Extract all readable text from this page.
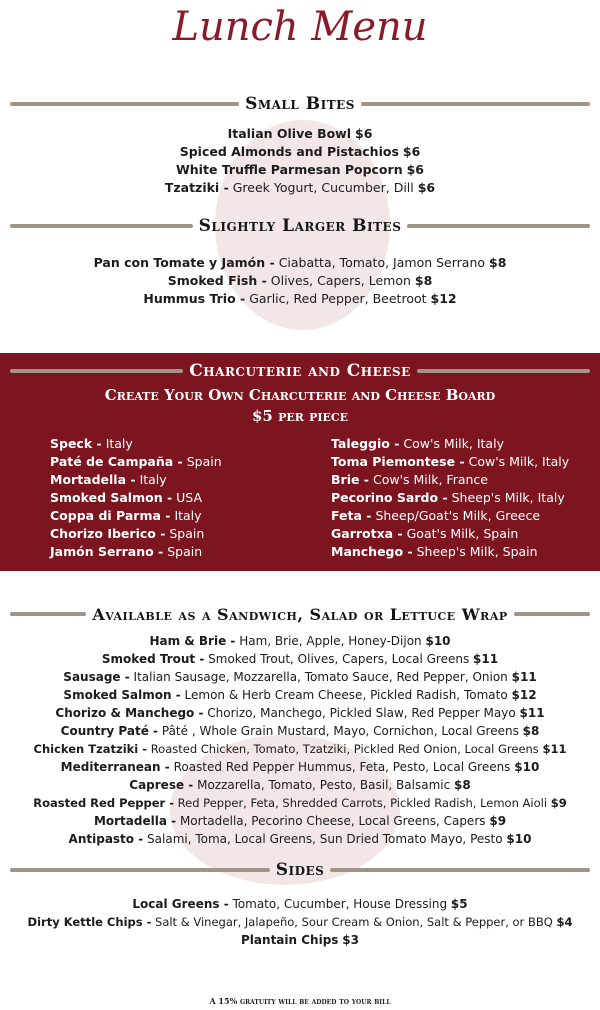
Lunch Menu
Small Bites
Italian Olive Bowl $6
Spiced Almonds and Pistachios $6
White Truffle Parmesan Popcorn $6
Tzatziki - Greek Yogurt, Cucumber, Dill $6
Slightly Larger Bites
Pan con Tomate y Jamón - Ciabatta, Tomato, Jamon Serrano $8
Smoked Fish - Olives, Capers, Lemon $8
Hummus Trio - Garlic, Red Pepper, Beetroot $12
Charcuterie and Cheese
Create Your Own Charcuterie and Cheese Board
$5 per piece
Speck - Italy
Paté de Campaña - Spain
Mortadella - Italy
Smoked Salmon - USA
Coppa di Parma - Italy
Chorizo Iberico - Spain
Jamón Serrano - Spain
Taleggio - Cow's Milk, Italy
Toma Piemontese - Cow's Milk, Italy
Brie - Cow's Milk, France
Pecorino Sardo - Sheep's Milk, Italy
Feta - Sheep/Goat's Milk, Greece
Garrotxa - Goat's Milk, Spain
Manchego - Sheep's Milk, Spain
Available as a Sandwich, Salad or Lettuce Wrap
Ham & Brie - Ham, Brie, Apple, Honey-Dijon $10
Smoked Trout - Smoked Trout, Olives, Capers, Local Greens $11
Sausage - Italian Sausage, Mozzarella, Tomato Sauce, Red Pepper, Onion $11
Smoked Salmon - Lemon & Herb Cream Cheese, Pickled Radish, Tomato $12
Chorizo & Manchego - Chorizo, Manchego, Pickled Slaw, Red Pepper Mayo $11
Country Paté - Pâté , Whole Grain Mustard, Mayo, Cornichon, Local Greens $8
Chicken Tzatziki - Roasted Chicken, Tomato, Tzatziki, Pickled Red Onion, Local Greens $11
Mediterranean - Roasted Red Pepper Hummus, Feta, Pesto, Local Greens $10
Caprese - Mozzarella, Tomato, Pesto, Basil, Balsamic $8
Roasted Red Pepper - Red Pepper, Feta, Shredded Carrots, Pickled Radish, Lemon Aioli $9
Mortadella - Mortadella, Pecorino Cheese, Local Greens, Capers $9
Antipasto - Salami, Toma, Local Greens, Sun Dried Tomato Mayo, Pesto $10
Sides
Local Greens - Tomato, Cucumber, House Dressing $5
Dirty Kettle Chips - Salt & Vinegar, Jalapeño, Sour Cream & Onion, Salt & Pepper, or BBQ $4
Plantain Chips $3
A 15% gratuity will be added to your bill
